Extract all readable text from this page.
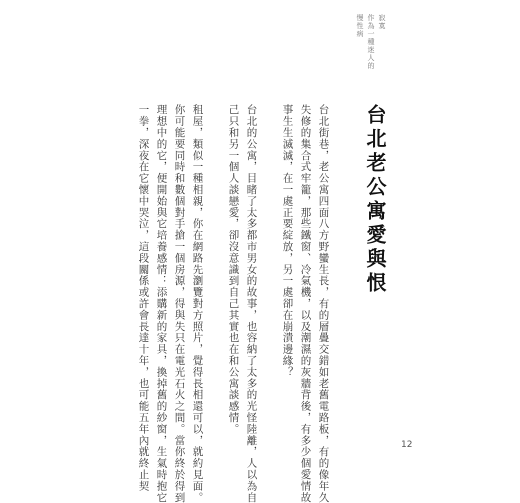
寂寞
作為一種迷人的
慢性病
台北老公寓愛與恨
台北街巷，老公寓四面八方野蠻生長，有的層疊交錯如老舊電路板，有的像年久
失修的集合式牢籠，那些鐵窗、冷氣機，以及潮濕的灰牆背後，有多少個愛情故
事生生滅滅，在一處正要綻放，另一處卻在崩潰邊緣？
台北的公寓，目睹了太多都市男女的故事，也容納了太多的光怪陸離，人以為自
己只和另一個人談戀愛，卻沒意識到自己其實也在和公寓談感情。
租屋，類似一種相親，你在網路先瀏覽對方照片，覺得長相還可以，就約見面。
你可能要同時和數個對手搶一個房源，得與失只在電光石火之間。當你終於得到
理想中的它，便開始與它培養感情：添購新的家具，換掉舊的紗窗，生氣時抱它
一拳，深夜在它懷中哭泣，這段關係或許會長達十年，也可能五年內就終止契	12
